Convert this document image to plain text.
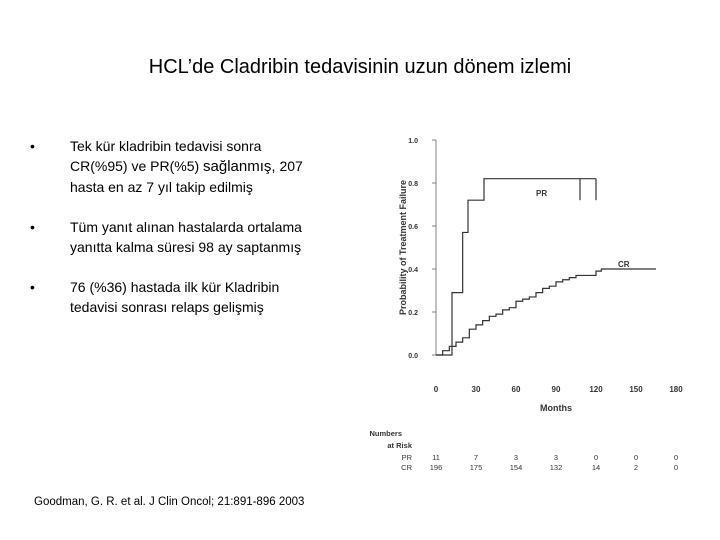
HCL’de Cladribin tedavisinin uzun dönem izlemi
•	Tek kür kladribin tedavisi sonra
CR(%95) ve PR(%5) sağlanmış, 207
hasta en az 7 yıl takip edilmiş
•	Tüm yanıt alınan hastalarda ortalama
yanıtta kalma süresi 98 ay saptanmış
•	76 (%36) hastada ilk kür Kladribin
tedavisi sonrası relaps gelişmiş
0.0
0.2
0.4
0.6
0.8
1.0
0	30	60	90	120	150	180
Months
Probability of Treatment Failure	PR
CR
Numbers
at Risk
PR	11	7	3	3	0	0	0
CR 196	175	154	132	14	2	0
Goodman, G. R. et al. J Clin Oncol; 21:891-896 2003
